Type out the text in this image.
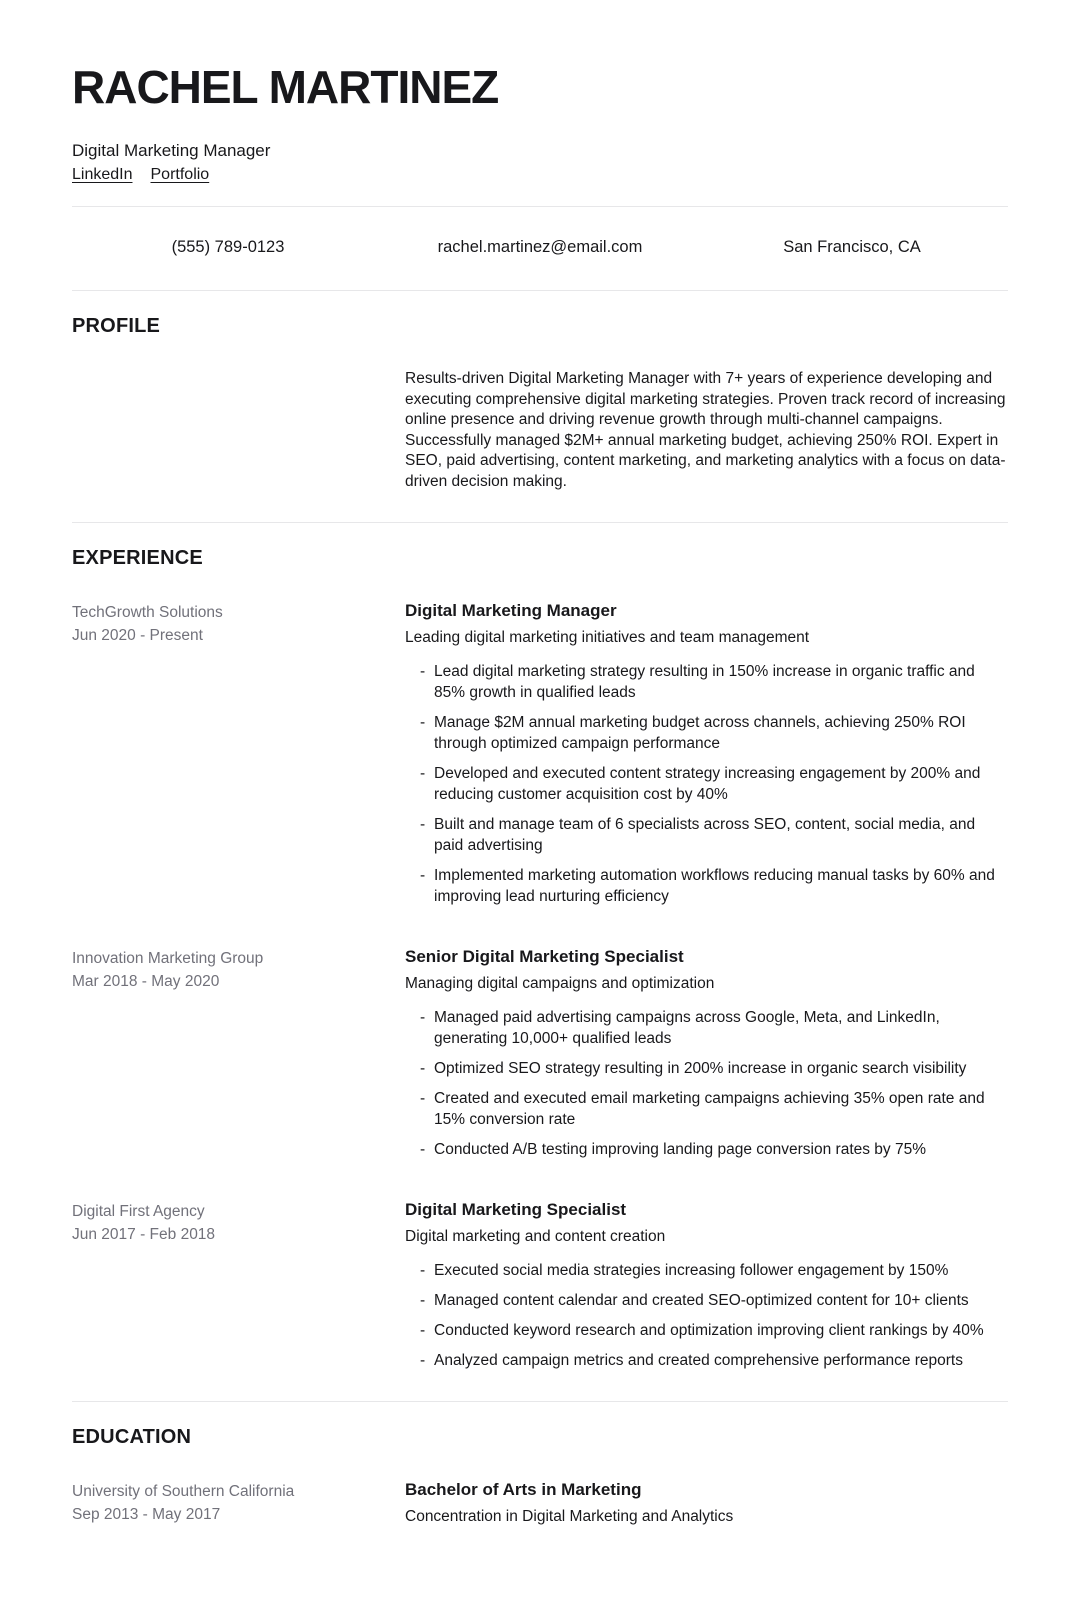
RACHEL MARTINEZ

Digital Marketing Manager

LinkedIn Portfolio
(555) 789-0123	rachel.martinez@email.com	San Francisco, CA
PROFILE

Results-driven Digital Marketing Manager with 7+ years of experience developing and executing comprehensive digital marketing strategies. Proven track record of increasing online presence and driving revenue growth through multi-channel campaigns. Successfully managed $2M+ annual marketing budget, achieving 250% ROI. Expert in SEO, paid advertising, content marketing, and marketing analytics with a focus on data-driven decision making.

EXPERIENCE
TechGrowth Solutions
Jun 2020 - Present
Digital Marketing Manager

Leading digital marketing initiatives and team management

- Lead digital marketing strategy resulting in 150% increase in organic traffic and 85% growth in qualified leads
- Manage $2M annual marketing budget across channels, achieving 250% ROI through optimized campaign performance
- Developed and executed content strategy increasing engagement by 200% and reducing customer acquisition cost by 40%
- Built and manage team of 6 specialists across SEO, content, social media, and paid advertising
- Implemented marketing automation workflows reducing manual tasks by 60% and improving lead nurturing efficiency
Innovation Marketing Group
Mar 2018 - May 2020
Senior Digital Marketing Specialist

Managing digital campaigns and optimization

- Managed paid advertising campaigns across Google, Meta, and LinkedIn, generating 10,000+ qualified leads
- Optimized SEO strategy resulting in 200% increase in organic search visibility
- Created and executed email marketing campaigns achieving 35% open rate and 15% conversion rate
- Conducted A/B testing improving landing page conversion rates by 75%
Digital First Agency
Jun 2017 - Feb 2018
Digital Marketing Specialist

Digital marketing and content creation

- Executed social media strategies increasing follower engagement by 150%
- Managed content calendar and created SEO-optimized content for 10+ clients
- Conducted keyword research and optimization improving client rankings by 40%
- Analyzed campaign metrics and created comprehensive performance reports
EDUCATION
University of Southern California
Sep 2013 - May 2017
Bachelor of Arts in Marketing

Concentration in Digital Marketing and Analytics
